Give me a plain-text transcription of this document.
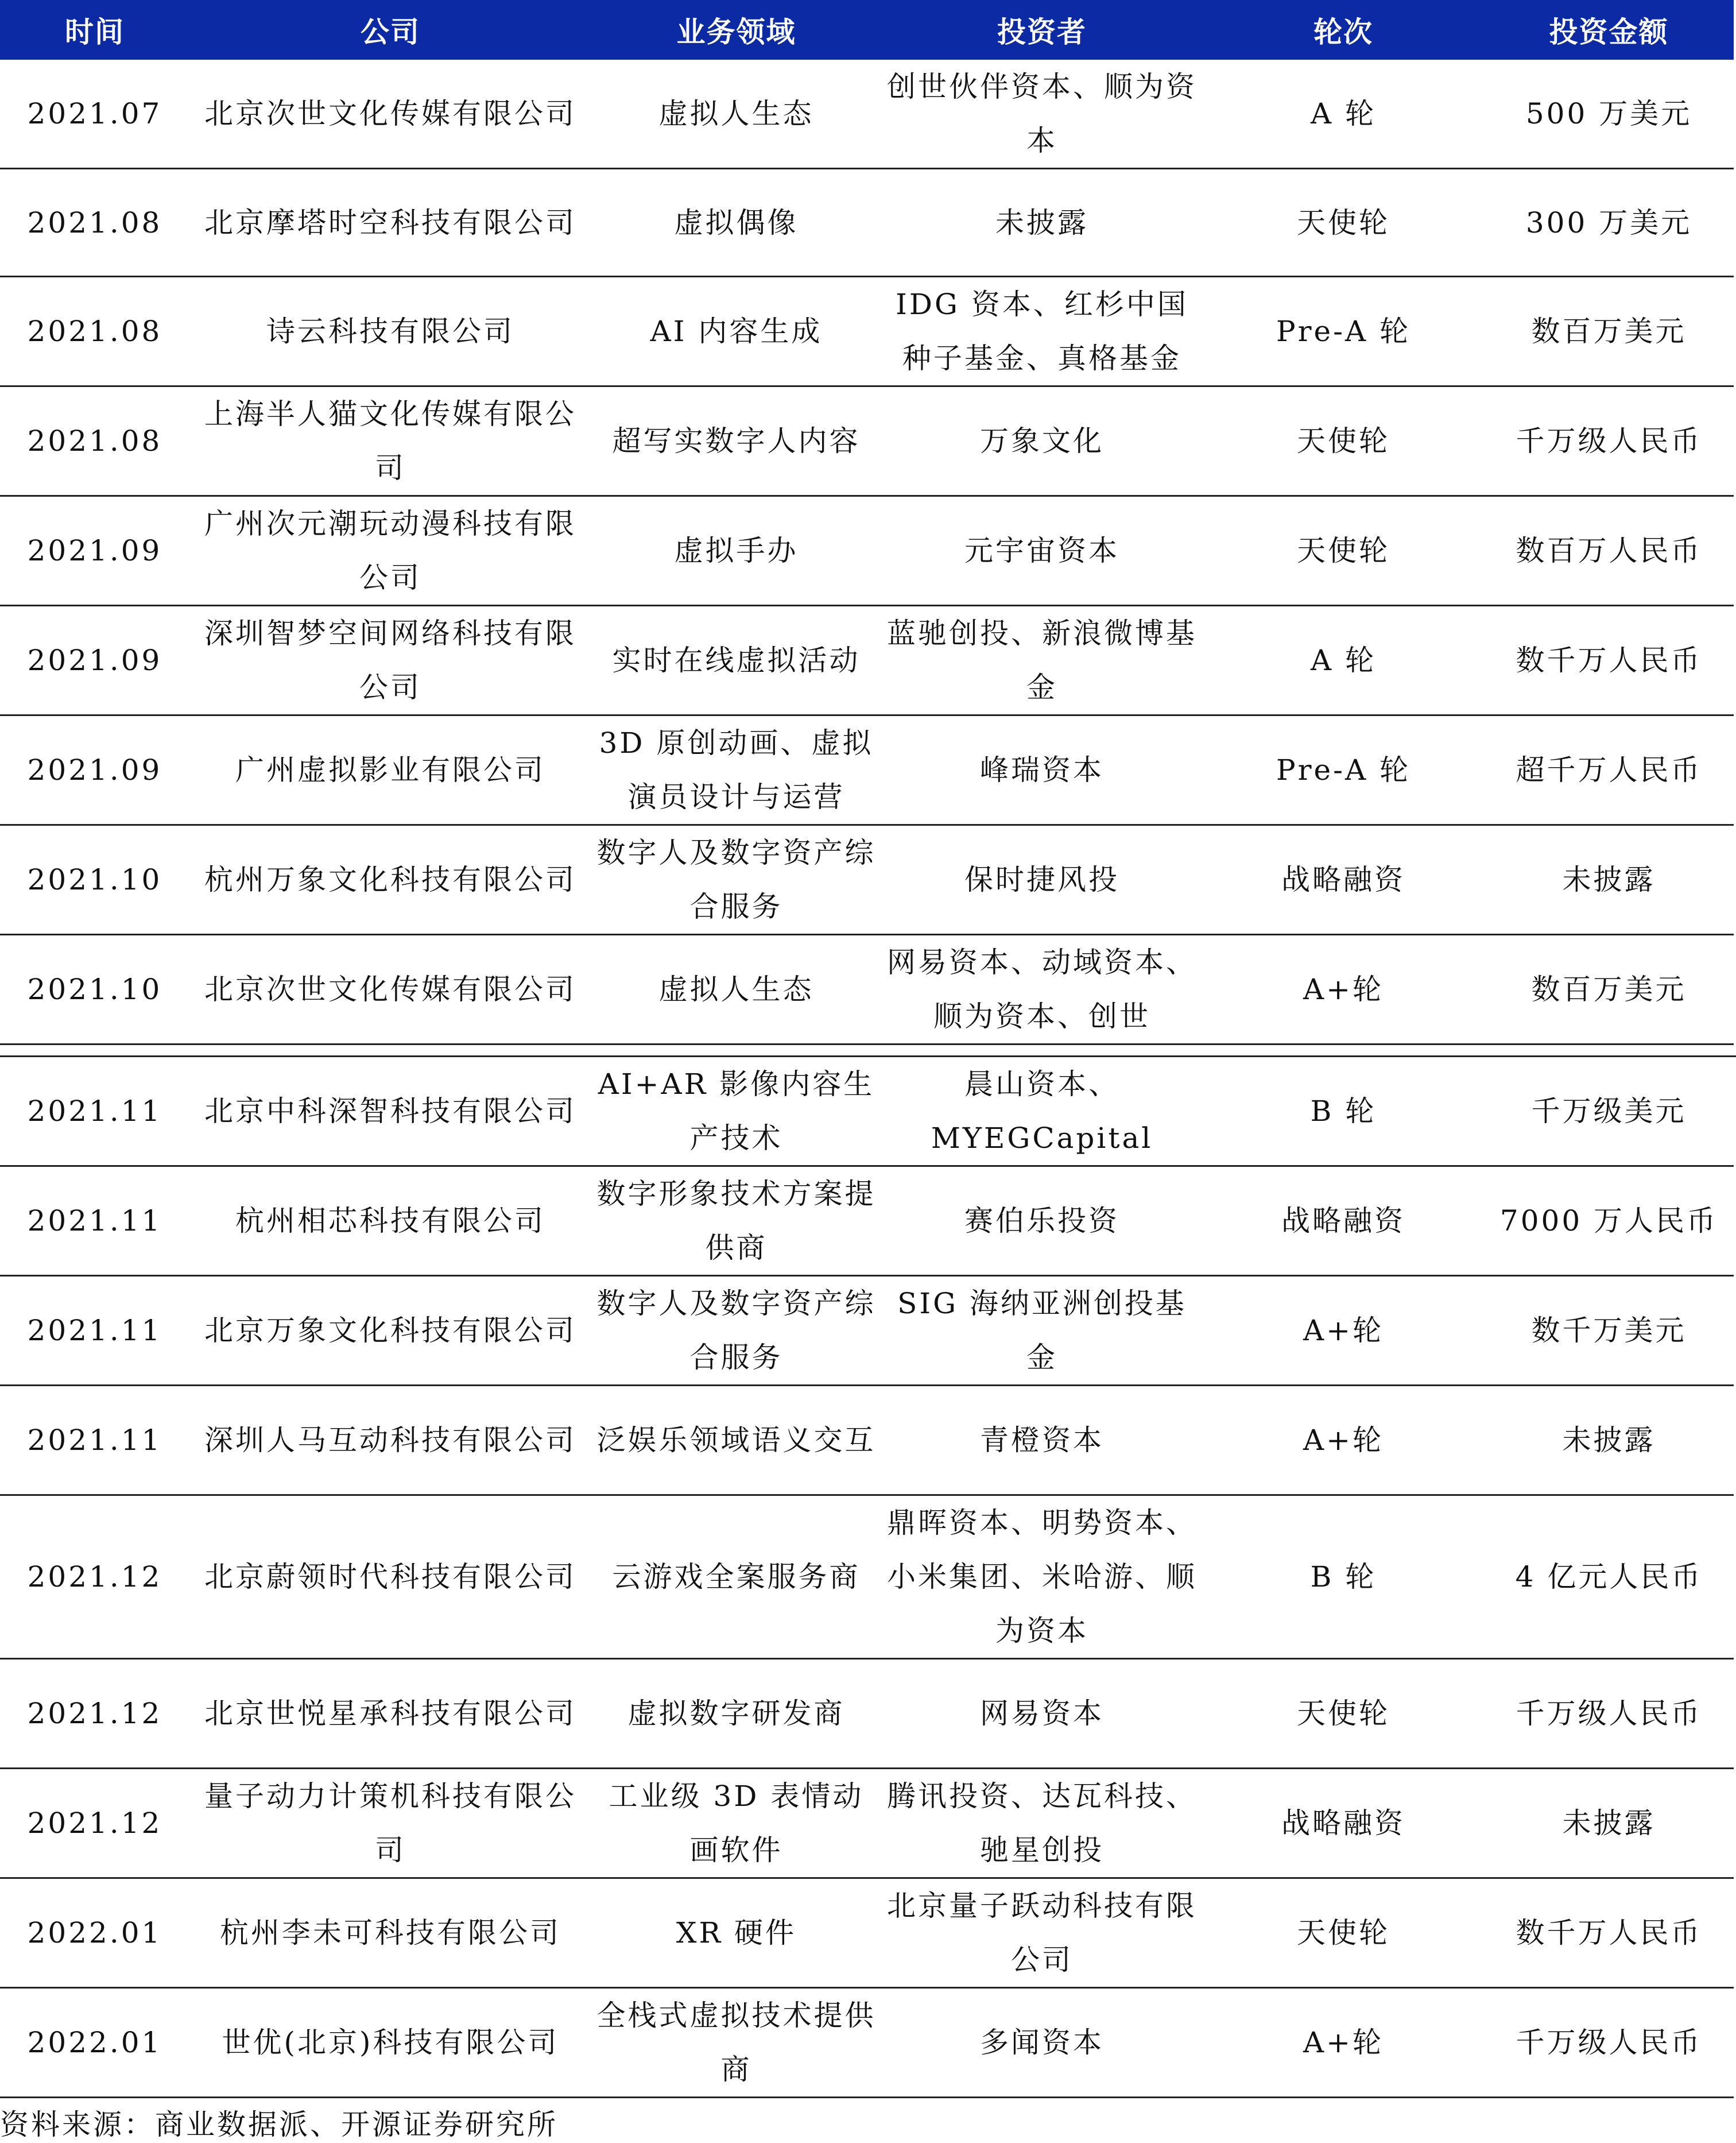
时间	公司	业务领域	投资者	轮次	投资金额
2021.07	北京次世文化传媒有限公司	虚拟人生态	创世伙伴资本、顺为资本	A 轮	500 万美元
2021.08	北京摩塔时空科技有限公司	虚拟偶像	未披露	天使轮	300 万美元
2021.08	诗云科技有限公司	AI 内容生成	IDG 资本、红杉中国种子基金、真格基金	Pre-A 轮	数百万美元
2021.08	上海半人猫文化传媒有限公司	超写实数字人内容	万象文化	天使轮	千万级人民币
2021.09	广州次元潮玩动漫科技有限公司	虚拟手办	元宇宙资本	天使轮	数百万人民币
2021.09	深圳智梦空间网络科技有限公司	实时在线虚拟活动	蓝驰创投、新浪微博基金	A 轮	数千万人民币
2021.09	广州虚拟影业有限公司	3D 原创动画、虚拟演员设计与运营	峰瑞资本	Pre-A 轮	超千万人民币
2021.10	杭州万象文化科技有限公司	数字人及数字资产综合服务	保时捷风投	战略融资	未披露
2021.10	北京次世文化传媒有限公司	虚拟人生态	网易资本、动域资本、顺为资本、创世	A+轮	数百万美元
2021.11	北京中科深智科技有限公司	AI+AR 影像内容生产技术	晨山资本、MYEGCapital	B 轮	千万级美元
2021.11	杭州相芯科技有限公司	数字形象技术方案提供商	赛伯乐投资	战略融资	7000 万人民币
2021.11	北京万象文化科技有限公司	数字人及数字资产综合服务	SIG 海纳亚洲创投基金	A+轮	数千万美元
2021.11	深圳人马互动科技有限公司	泛娱乐领域语义交互	青橙资本	A+轮	未披露
2021.12	北京蔚领时代科技有限公司	云游戏全案服务商	鼎晖资本、明势资本、小米集团、米哈游、顺为资本	B 轮	4 亿元人民币
2021.12	北京世悦星承科技有限公司	虚拟数字研发商	网易资本	天使轮	千万级人民币
2021.12	量子动力计策机科技有限公司	工业级 3D 表情动画软件	腾讯投资、达瓦科技、驰星创投	战略融资	未披露
2022.01	杭州李未可科技有限公司	XR 硬件	北京量子跃动科技有限公司	天使轮	数千万人民币
2022.01	世优(北京)科技有限公司	全栈式虚拟技术提供商	多闻资本	A+轮	千万级人民币
资料来源：商业数据派、开源证券研究所
